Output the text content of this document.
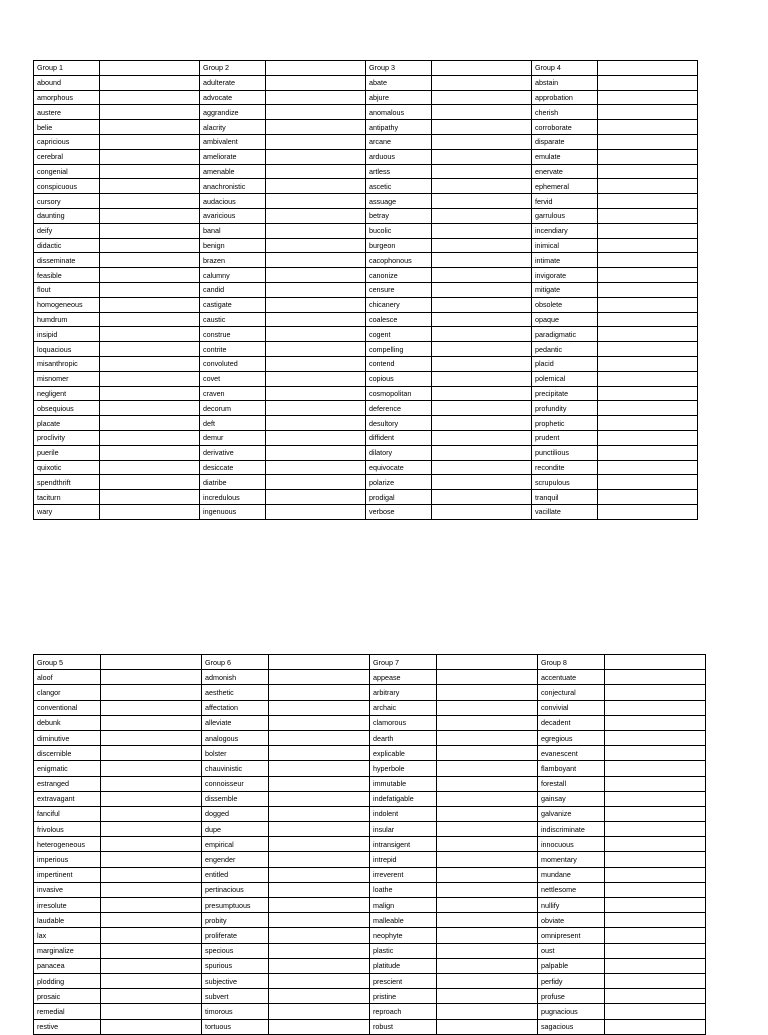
Group 1		Group 2		Group 3		Group 4	
abound		adulterate		abate		abstain	
amorphous		advocate		abjure		approbation	
austere		aggrandize		anomalous		cherish	
belie		alacrity		antipathy		corroborate	
capricious		ambivalent		arcane		disparate	
cerebral		ameliorate		arduous		emulate	
congenial		amenable		artless		enervate	
conspicuous		anachronistic		ascetic		ephemeral	
cursory		audacious		assuage		fervid	
daunting		avaricious		betray		garrulous	
deify		banal		bucolic		incendiary	
didactic		benign		burgeon		inimical	
disseminate		brazen		cacophonous		intimate	
feasible		calumny		canonize		invigorate	
flout		candid		censure		mitigate	
homogeneous		castigate		chicanery		obsolete	
humdrum		caustic		coalesce		opaque	
insipid		construe		cogent		paradigmatic	
loquacious		contrite		compelling		pedantic	
misanthropic		convoluted		contend		placid	
misnomer		covet		copious		polemical	
negligent		craven		cosmopolitan		precipitate	
obsequious		decorum		deference		profundity	
placate		deft		desultory		prophetic	
proclivity		demur		diffident		prudent	
puerile		derivative		dilatory		punctilious	
quixotic		desiccate		equivocate		recondite	
spendthrift		diatribe		polarize		scrupulous	
taciturn		incredulous		prodigal		tranquil	
wary		ingenuous		verbose		vacillate	
Group 5		Group 6		Group 7		Group 8	
aloof		admonish		appease		accentuate	
clangor		aesthetic		arbitrary		conjectural	
conventional		affectation		archaic		convivial	
debunk		alleviate		clamorous		decadent	
diminutive		analogous		dearth		egregious	
discernible		bolster		explicable		evanescent	
enigmatic		chauvinistic		hyperbole		flamboyant	
estranged		connoisseur		immutable		forestall	
extravagant		dissemble		indefatigable		gainsay	
fanciful		dogged		indolent		galvanize	
frivolous		dupe		insular		indiscriminate	
heterogeneous		empirical		intransigent		innocuous	
imperious		engender		intrepid		momentary	
impertinent		entitled		irreverent		mundane	
invasive		pertinacious		loathe		nettlesome	
irresolute		presumptuous		malign		nullify	
laudable		probity		malleable		obviate	
lax		proliferate		neophyte		omnipresent	
marginalize		specious		plastic		oust	
panacea		spurious		platitude		palpable	
plodding		subjective		prescient		perfidy	
prosaic		subvert		pristine		profuse	
remedial		timorous		reproach		pugnacious	
restive		tortuous		robust		sagacious	
